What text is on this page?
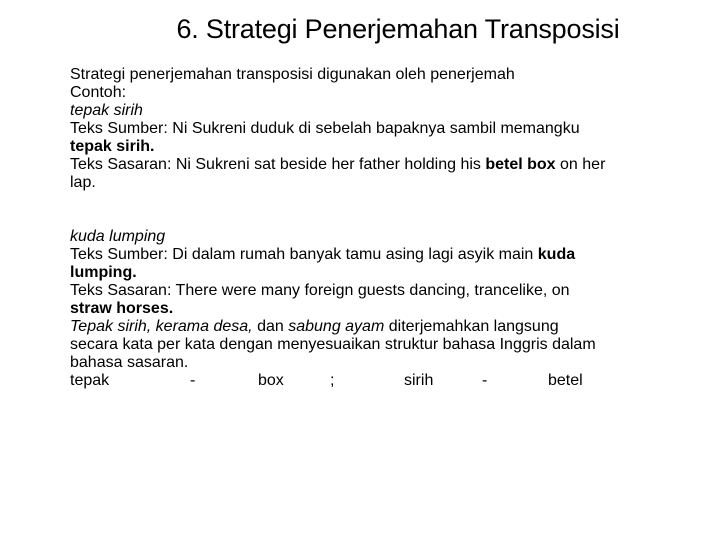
6. Strategi Penerjemahan Transposisi
Strategi penerjemahan transposisi digunakan oleh penerjemah
Contoh:
tepak sirih
Teks Sumber: Ni Sukreni duduk di sebelah bapaknya sambil memangku
tepak sirih.
Teks Sasaran: Ni Sukreni sat beside her father holding his betel box on her
lap.
kuda lumping
Teks Sumber: Di dalam rumah banyak tamu asing lagi asyik main kuda
lumping.
Teks Sasaran: There were many foreign guests dancing, trancelike, on
straw horses.
Tepak sirih, kerama desa, dan sabung ayam diterjemahkan langsung
secara kata per kata dengan menyesuaikan struktur bahasa Inggris dalam
bahasa sasaran.
tepak	-	box	;	sirih	-	betel
